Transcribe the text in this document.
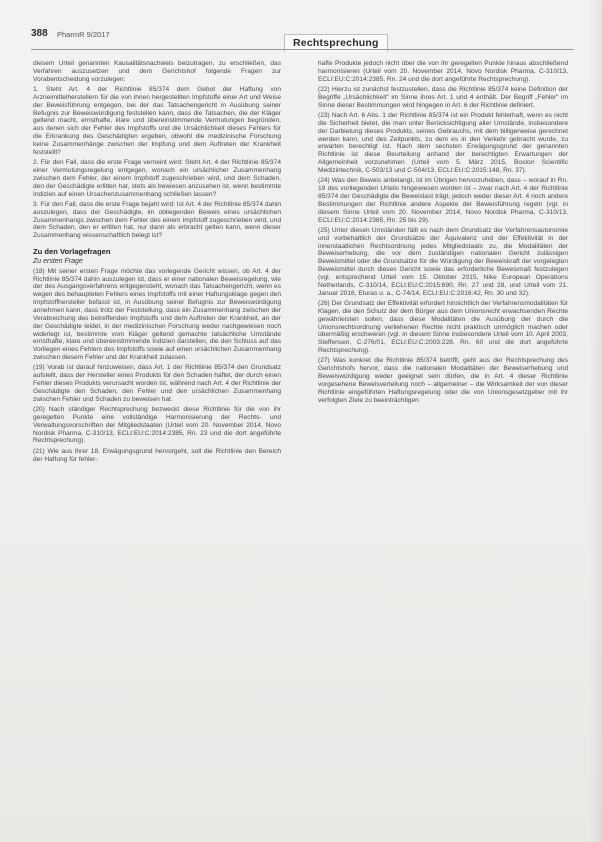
388 PharmR 9/2017
Rechtsprechung

diesem Urteil genannten Kausalitätsnachweis beizutragen, zu erschließen, das Verfahren auszusetzen und dem Gerichtshof folgende Fragen zur Vorabentscheidung vorzulegen:

1. Steht Art. 4 der Richtlinie 85/374 dem Gebot der Haftung von Arzneimittelherstellern für die von ihnen hergestellten Impfstoffe einer Art und Weise der Beweisführung entgegen, bei der das Tatsachengericht in Ausübung seiner Befugnis zur Beweiswürdigung feststellen kann, dass die Tatsachen, die der Kläger geltend macht, ernsthafte, klare und übereinstimmende Vermutungen begründen, aus denen sich der Fehler des Impfstoffs und die Ursächlichkeit dieses Fehlers für die Erkrankung des Geschädigten ergeben, obwohl die medizinische Forschung keine Zusammenhänge zwischen der Impfung und dem Auftreten der Krankheit feststellt?

2. Für den Fall, dass die erste Frage verneint wird: Steht Art. 4 der Richtlinie 85/374 einer Vermutungsregelung entgegen, wonach ein ursächlicher Zusammenhang zwischen dem Fehler, der einem Impfstoff zugeschrieben wird, und dem Schaden, den der Geschädigte erlitten hat, stets als bewiesen anzusehen ist, wenn bestimmte Indizien auf einen Ursachenzusammenhang schließen lassen?

3. Für den Fall, dass die erste Frage bejaht wird: Ist Art. 4 der Richtlinie 85/374 dahin auszulegen, dass der Geschädigte, im obliegenden Beweis eines ursächlichen Zusammenhangs zwischen dem Fehler des einem Impfstoff zugeschrieben wird, und dem Schaden, den er erlitten hat, nur dann als erbracht gelten kann, wenn dieser Zusammenhang wissenschaftlich belegt ist?

Zu den Vorlagefragen
Zu ersten Frage

(18) Mit seiner ersten Frage möchte das vorlegende Gericht wissen, ob Art. 4 der Richtlinie 85/374 dahin auszulegen ist, dass er einer nationalen Beweisregelung, wie der des Ausgangsverfahrens entgegensteht, wonach das Tatsachengericht, wenn es wegen des behaupteten Fehlers eines Impfstoffs mit einer Haftungsklage gegen den Impfstoffhersteller befasst ist, in Ausübung seiner Befugnis zur Beweiswürdigung annehmen kann, dass trotz der Feststellung, dass ein Zusammenhang zwischen der Verabreichung des betreffenden Impfstoffs und dem Auftreten der Krankheit, an der der Geschädigte leidet, in der medizinischen Forschung weder nachgewiesen noch widerlegt ist, bestimmte vom Kläger geltend gemachte tatsächliche Umstände ernsthafte, klare und übereinstimmende Indizien darstellen, die den Schluss auf das Vorliegen eines Fehlers des Impfstoffs sowie auf einen ursächlichen Zusammenhang zwischen diesem Fehler und der Krankheit zulassen.

(19) Vorab ist darauf hinzuweisen, dass Art. 1 der Richtlinie 85/374 den Grundsatz aufstellt, dass der Hersteller eines Produkts für den Schaden haftet, der durch einen Fehler dieses Produkts verursacht worden ist, während nach Art. 4 der Richtlinie der Geschädigte den Schaden, den Fehler und den ursächlichen Zusammenhang zwischen Fehler und Schaden zu beweisen hat.

(20) Nach ständiger Rechtsprechung bezweckt diese Richtlinie für die von ihr geregelten Punkte eine vollständige Harmonisierung der Rechts- und Verwaltungsvorschriften der Mitgliedstaaten (Urteil vom 20. November 2014, Novo Nordisk Pharma, C-310/13, ECLI:EU:C:2014:2385, Rn. 23 und die dort angeführte Rechtsprechung).

(21) Wie aus ihrer 18. Erwägungsgrund hervorgeht, soll die Richtlinie den Bereich der Haftung für fehler-

hafte Produkte jedoch nicht über die von ihr geregelten Punkte hinaus abschließend harmonisieren (Urteil vom 20. November 2014, Novo Nordisk Pharma, C-310/13, ECLI:EU:C:2014:2385, Rn. 24 und die dort angeführte Rechtsprechung).

(22) Hierzu ist zunächst festzustellen, dass die Richtlinie 85/374 keine Definition der Begriffe „Ursächlichkeit“ im Sinne ihres Art. 1 und 4 enthält. Der Begriff „Fehler“ im Sinne dieser Bestimmungen wird hingegen in Art. 6 der Richtlinie definiert.

(23) Nach Art. 6 Abs. 1 der Richtlinie 85/374 ist ein Produkt fehlerhaft, wenn es nicht die Sicherheit bietet, die man unter Berücksichtigung aller Umstände, insbesondere der Darbietung dieses Produkts, seines Gebrauchs, mit dem billigerweise gerechnet werden kann, und des Zeitpunkts, zu dem es in den Verkehr gebracht wurde, zu erwarten berechtigt ist. Nach dem sechsten Erwägungsgrund der genannten Richtlinie ist diese Beurteilung anhand der berechtigten Erwartungen der Allgemeinheit vorzunehmen (Urteil vom 5. März 2015, Boston Scientific Medizintechnik, C-503/13 und C-504/13, ECLI:EU:C:2015:148, Rn. 37).

(24) Was den Beweis anbelangt, ist im Übrigen hervorzuheben, dass – worauf in Rn. 19 des vorliegenden Urteils hingewiesen worden ist – zwar nach Art. 4 der Richtlinie 85/374 der Geschädigte die Beweislast trägt, jedoch weder dieser Art. 4 noch andere Bestimmungen der Richtlinie andere Aspekte der Beweisführung regeln (vgl. in diesem Sinne Urteil vom 20. November 2014, Novo Nordisk Pharma, C-310/13, ECLI:EU:C:2014:2385, Rn. 25 bis 29).

(25) Unter diesen Umständen fällt es nach dem Grundsatz der Verfahrensautonomie und vorbehaltlich der Grundsätze der Äquivalenz und der Effektivität in der innerstaatlichen Rechtsordnung jedes Mitgliedstaats zu, die Modalitäten der Beweiserhebung, die vor dem zuständigen nationalen Gericht zulässigen Beweismittel oder die Grundsätze für die Würdigung der Beweiskraft der vorgelegten Beweismittel durch dieses Gericht sowie das erforderliche Beweismaß festzulegen (vgl. entsprechend Urteil vom 15. Oktober 2015, Nike European Operations Netherlands, C-310/14, ECLI:EU:C:2015:690, Rn. 27 und 28, und Urteil vom 21. Januar 2016, Eturas u. a., C-74/14, ECLI:EU:C:2016:42, Rn. 30 und 32).

(26) Der Grundsatz der Effektivität erfordert hinsichtlich der Verfahrensmodalitäten für Klagen, die den Schutz der dem Bürger aus dem Unionsrecht erwachsenden Rechte gewährleisten sollen, dass diese Modalitäten die Ausübung der durch die Unionsrechtsordnung verliehenen Rechte nicht praktisch unmöglich machen oder übermäßig erschweren (vgl. in diesem Sinne insbesondere Urteil vom 10. April 2003, Steffensen, C-276/01, ECLI:EU:C:2003:228, Rn. 60 und die dort angeführte Rechtsprechung).

(27) Was konkret die Richtlinie 85/374 betrifft, geht aus der Rechtsprechung des Gerichtshofs hervor, dass die nationalen Modalitäten der Beweiserhebung und Beweiswürdigung weder geeignet sein dürfen, die in Art. 4 dieser Richtlinie vorgesehene Beweisverteilung noch – allgemeiner – die Wirksamkeit der von dieser Richtlinie eingeführten Haftungsregelung oder die von Unionsgesetzgeber mit ihr verfolgten Ziele zu beeinträchtigen
